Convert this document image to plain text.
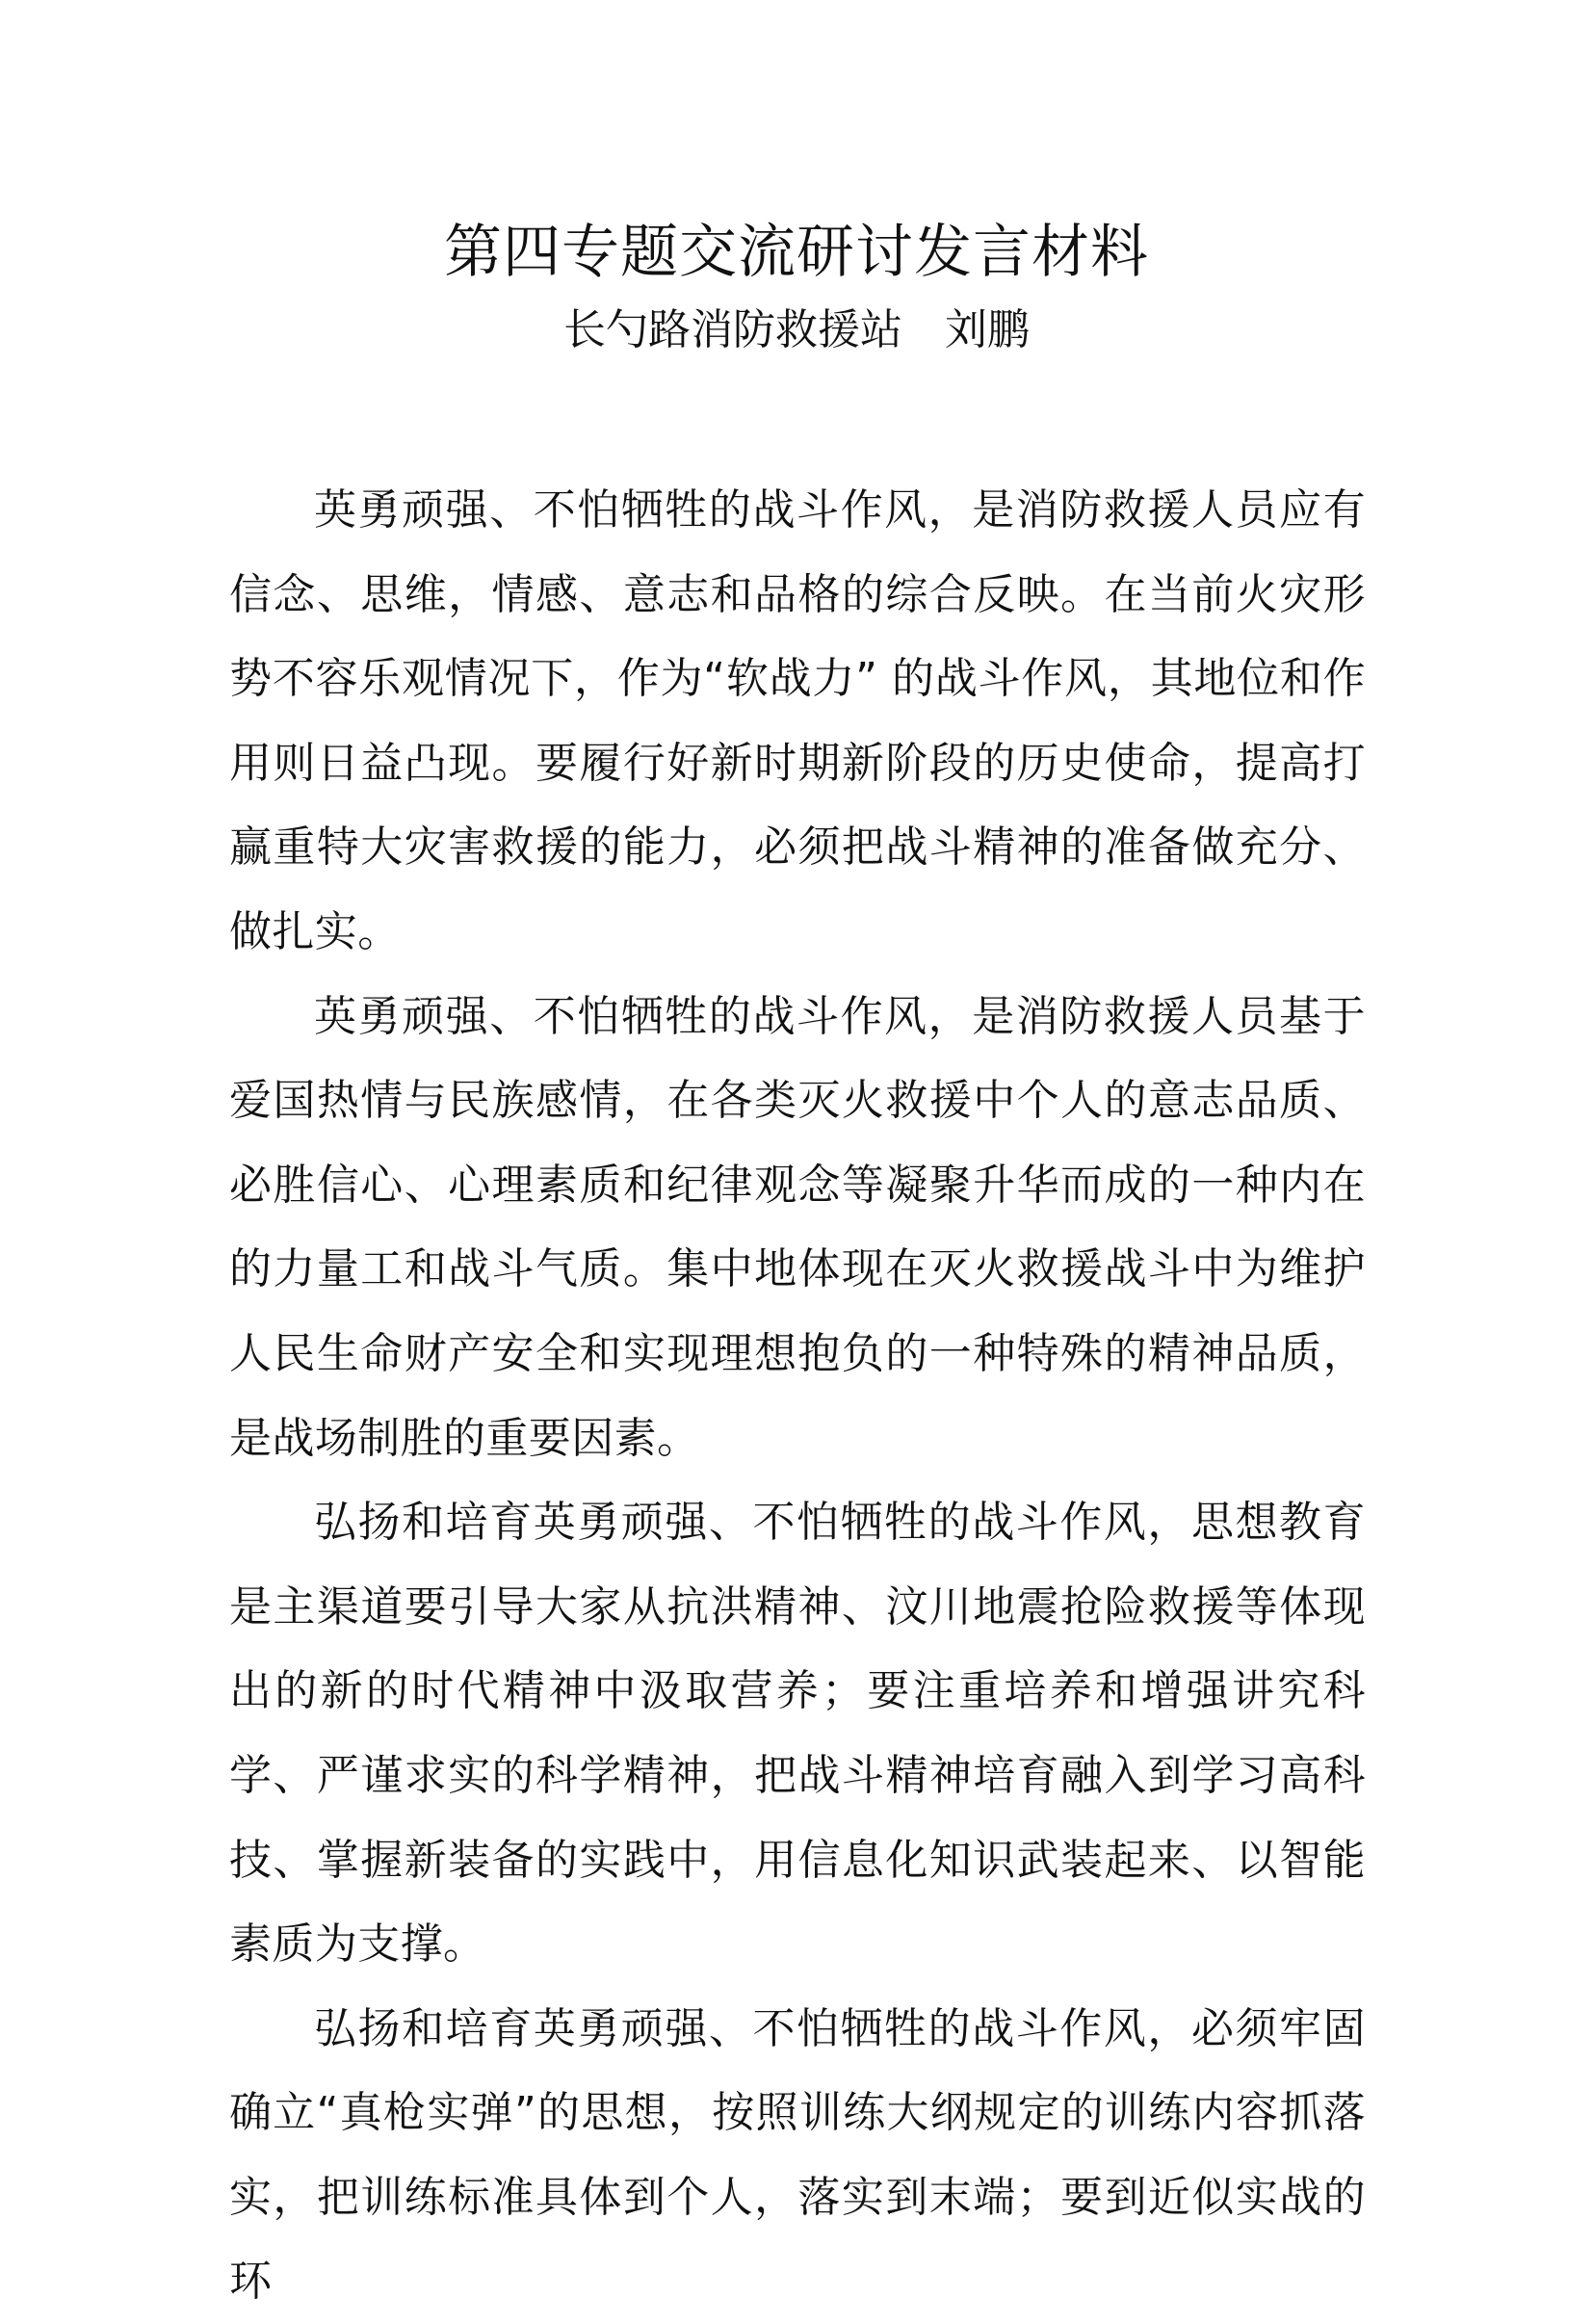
第四专题交流研讨发言材料
长勺路消防救援站　刘鹏

英勇顽强、不怕牺牲的战斗作风，是消防救援人员应有信念、思维，情感、意志和品格的综合反映。在当前火灾形势不容乐观情况下，作为“软战力” 的战斗作风，其地位和作用则日益凸现。要履行好新时期新阶段的历史使命，提高打赢重特大灾害救援的能力，必须把战斗精神的准备做充分、做扎实。

英勇顽强、不怕牺牲的战斗作风，是消防救援人员基于爱国热情与民族感情，在各类灭火救援中个人的意志品质、必胜信心、心理素质和纪律观念等凝聚升华而成的一种内在的力量工和战斗气质。集中地体现在灭火救援战斗中为维护人民生命财产安全和实现理想抱负的一种特殊的精神品质，是战场制胜的重要因素。

弘扬和培育英勇顽强、不怕牺牲的战斗作风，思想教育是主渠道要引导大家从抗洪精神、汶川地震抢险救援等体现出的新的时代精神中汲取营养；要注重培养和增强讲究科学、严谨求实的科学精神，把战斗精神培育融入到学习高科技、掌握新装备的实践中，用信息化知识武装起来、以智能素质为支撑。

弘扬和培育英勇顽强、不怕牺牲的战斗作风，必须牢固确立“真枪实弹”的思想，按照训练大纲规定的训练内容抓落实，把训练标准具体到个人，落实到末端；要到近似实战的环
